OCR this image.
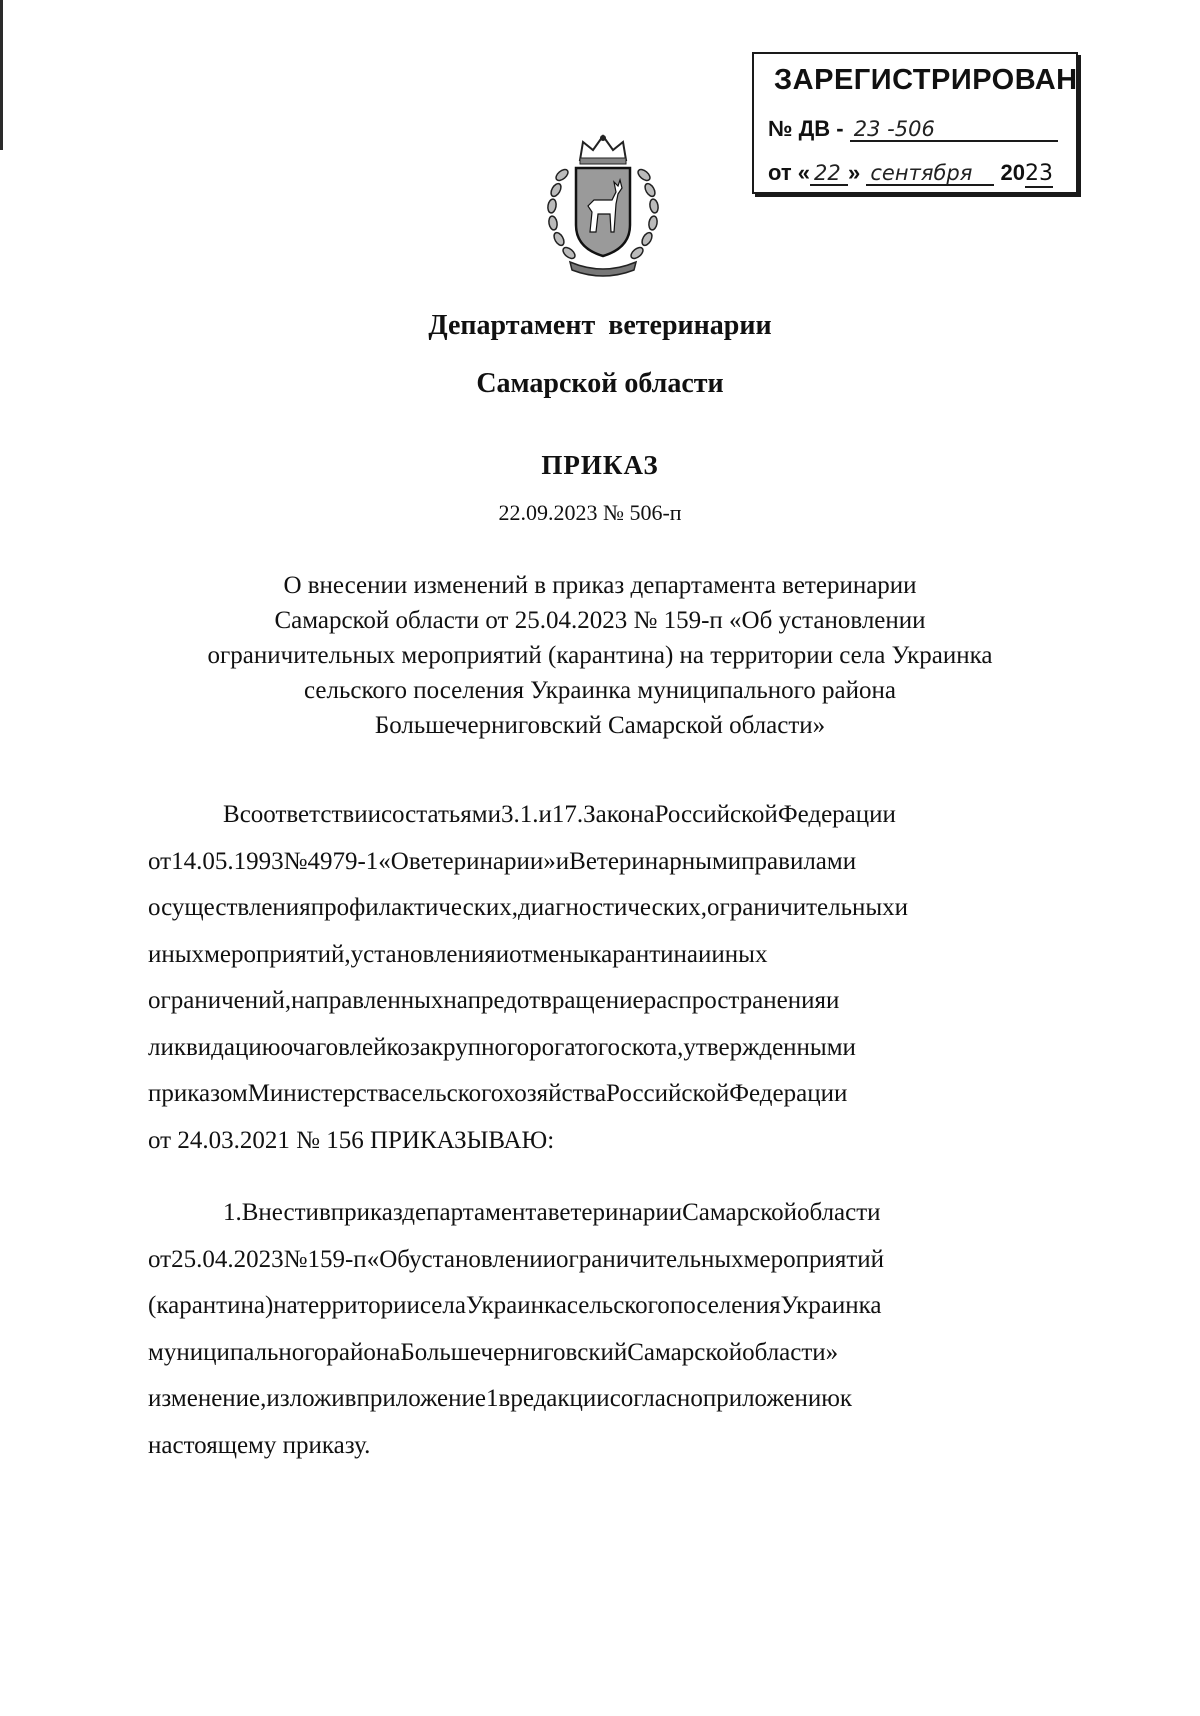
ЗАРЕГИСТРИРОВАН
№ ДВ - 23 -506
от « 22 » сентября 2023
Департамент ветеринарии
Самарской области
ПРИКАЗ
22.09.2023 № 506-п
О внесении изменений в приказ департамента ветеринарии
Самарской области от 25.04.2023 № 159-п «Об установлении
ограничительных мероприятий (карантина) на территории села Украинка
сельского поселения Украинка муниципального района
Большечерниговский Самарской области»
Всоответствиисостатьями3.1.и17.ЗаконаРоссийскойФедерации
от14.05.1993№4979-1«Оветеринарии»иВетеринарнымиправилами
осуществленияпрофилактических,диагностических,ограничительныхи
иныхмероприятий,установленияиотменыкарантинаииных
ограничений,направленныхнапредотвращениераспространенияи
ликвидациюочаговлейкозакрупногорогатогоскота,утвержденными
приказомМинистерствасельскогохозяйстваРоссийскойФедерации
от 24.03.2021 № 156 ПРИКАЗЫВАЮ:
1.ВнестивприказдепартаментаветеринарииСамарскойобласти
от25.04.2023№159-п«Обустановленииограничительныхмероприятий
(карантина)натерриторииселаУкраинкасельскогопоселенияУкраинка
муниципальногорайонаБольшечерниговскийСамарскойобласти»
изменение,изложивприложение1вредакциисогласноприложениюк
настоящему приказу.
